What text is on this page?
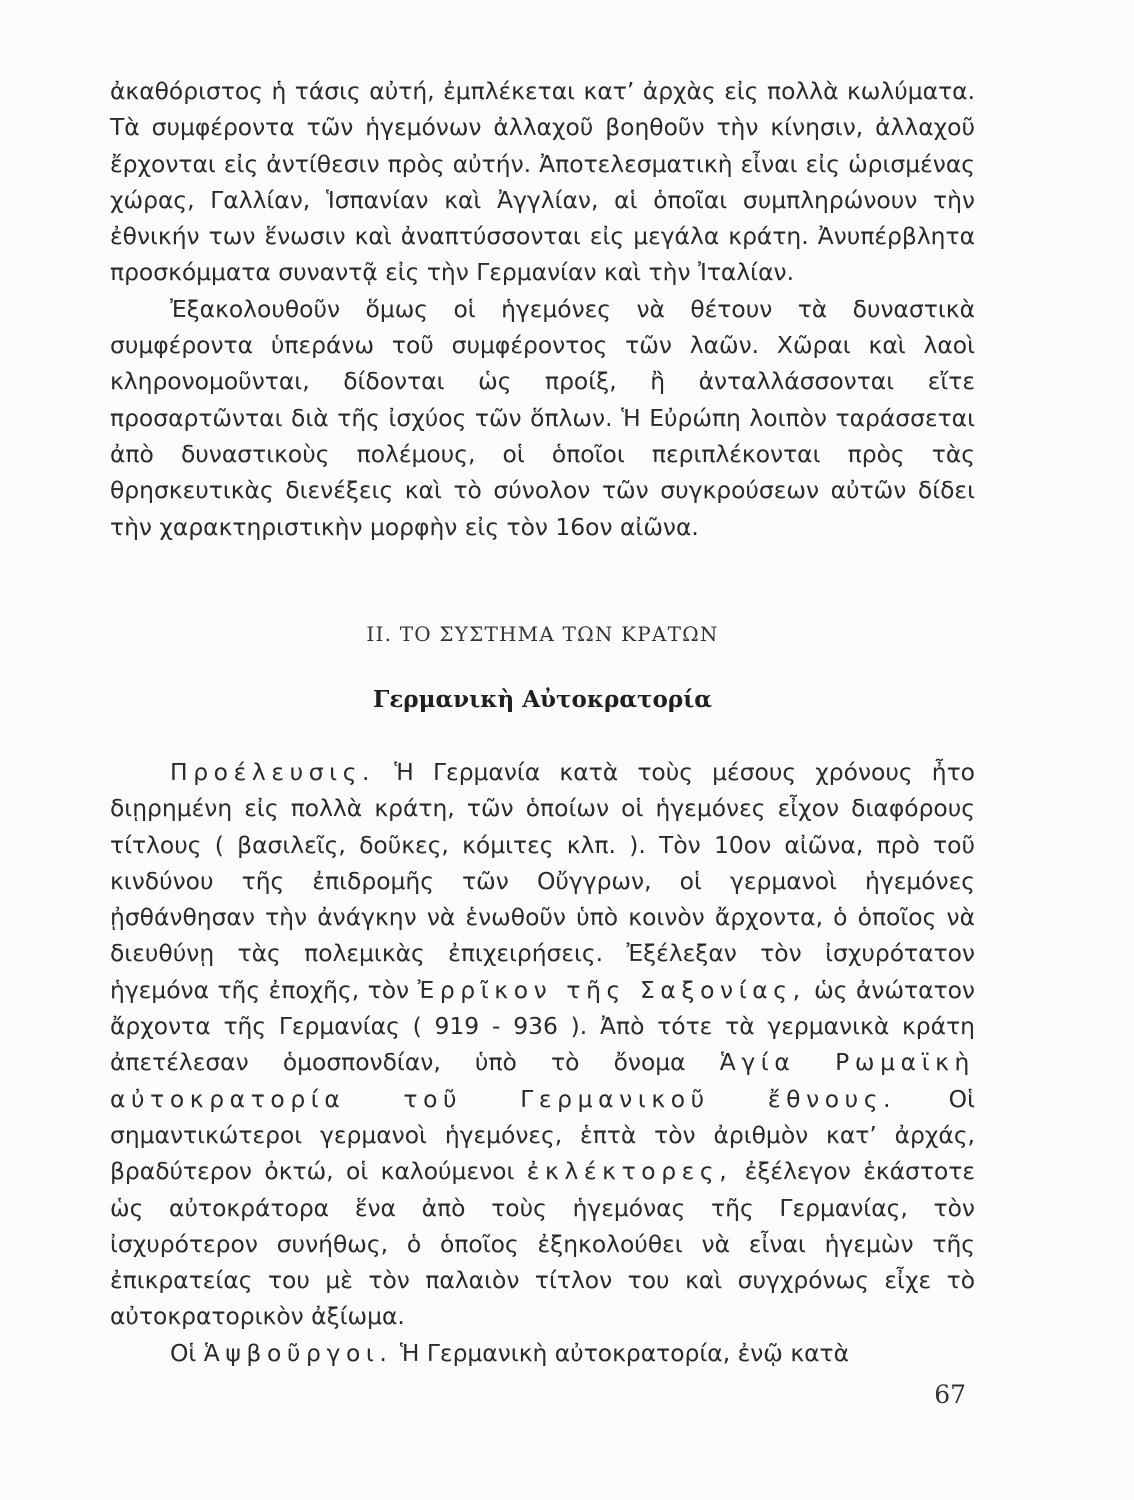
ἀκαθόριστος ἡ τάσις αὐτή, ἐμπλέκεται κατ’ ἀρχὰς εἰς πολλὰ κωλύματα. Τὰ συμφέροντα τῶν ἡγεμόνων ἀλλαχοῦ βοηθοῦν τὴν κίνησιν, ἀλλαχοῦ ἔρχονται εἰς ἀντίθεσιν πρὸς αὐτήν. Ἀποτελεσματικὴ εἶναι εἰς ὡρισμένας χώρας, Γαλλίαν, Ἱσπανίαν καὶ Ἀγγλίαν, αἱ ὁποῖαι συμπληρώνουν τὴν ἐθνικήν των ἕνωσιν καὶ ἀναπτύσσονται εἰς μεγάλα κράτη. Ἀνυπέρβλητα προσκόμματα συναντᾷ εἰς τὴν Γερμανίαν καὶ τὴν Ἰταλίαν.

Ἐξακολουθοῦν ὅμως οἱ ἡγεμόνες νὰ θέτουν τὰ δυναστικὰ συμφέροντα ὑπεράνω τοῦ συμφέροντος τῶν λαῶν. Χῶραι καὶ λαοὶ κληρονομοῦνται, δίδονται ὡς προίξ, ἢ ἀνταλλάσσονται εἴτε προσαρτῶνται διὰ τῆς ἰσχύος τῶν ὅπλων. Ἡ Εὐρώπη λοιπὸν ταράσσεται ἀπὸ δυναστικοὺς πολέμους, οἱ ὁποῖοι περιπλέκονται πρὸς τὰς θρησκευτικὰς διενέξεις καὶ τὸ σύνολον τῶν συγκρούσεων αὐτῶν δίδει τὴν χαρακτηριστικὴν μορφὴν εἰς τὸν 16ον αἰῶνα.

ΙΙ. ΤΟ ΣΥΣΤΗΜΑ ΤΩΝ ΚΡΑΤΩΝ
Γερμανικὴ Αὐτοκρατορία

Προέλευσις. Ἡ Γερμανία κατὰ τοὺς μέσους χρόνους ἦτο διῃρημένη εἰς πολλὰ κράτη, τῶν ὁποίων οἱ ἡγεμόνες εἶχον διαφόρους τίτλους ( βασιλεῖς, δοῦκες, κόμιτες κλπ. ). Τὸν 10ον αἰῶνα, πρὸ τοῦ κινδύνου τῆς ἐπιδρομῆς τῶν Οὔγγρων, οἱ γερμανοὶ ἡγεμόνες ᾐσθάνθησαν τὴν ἀνάγκην νὰ ἑνωθοῦν ὑπὸ κοινὸν ἄρχοντα, ὁ ὁποῖος νὰ διευθύνῃ τὰς πολεμικὰς ἐπιχειρήσεις. Ἐξέλεξαν τὸν ἰσχυρότατον ἡγεμόνα τῆς ἐποχῆς, τὸν Ἐρρῖκον τῆς Σαξονίας, ὡς ἀνώτατον ἄρχοντα τῆς Γερμανίας ( 919 - 936 ). Ἀπὸ τότε τὰ γερμανικὰ κράτη ἀπετέλεσαν ὁμοσπονδίαν, ὑπὸ τὸ ὄνομα Ἁγία Ρωμαϊκὴ αὐτοκρατορία τοῦ Γερμανικοῦ ἔθνους. Οἱ σημαντικώτεροι γερμανοὶ ἡγεμόνες, ἑπτὰ τὸν ἀριθμὸν κατ’ ἀρχάς, βραδύτερον ὀκτώ, οἱ καλούμενοι ἐκλέκτορες, ἐξέλεγον ἑκάστοτε ὡς αὐτοκράτορα ἕνα ἀπὸ τοὺς ἡγεμόνας τῆς Γερμανίας, τὸν ἰσχυρότερον συνήθως, ὁ ὁποῖος ἐξηκολούθει νὰ εἶναι ἡγεμὼν τῆς ἐπικρατείας του μὲ τὸν παλαιὸν τίτλον του καὶ συγχρόνως εἶχε τὸ αὐτοκρατορικὸν ἀξίωμα.

Οἱ Ἁψβοῦργοι. Ἡ Γερμανικὴ αὐτοκρατορία, ἐνῷ κατὰ

67
